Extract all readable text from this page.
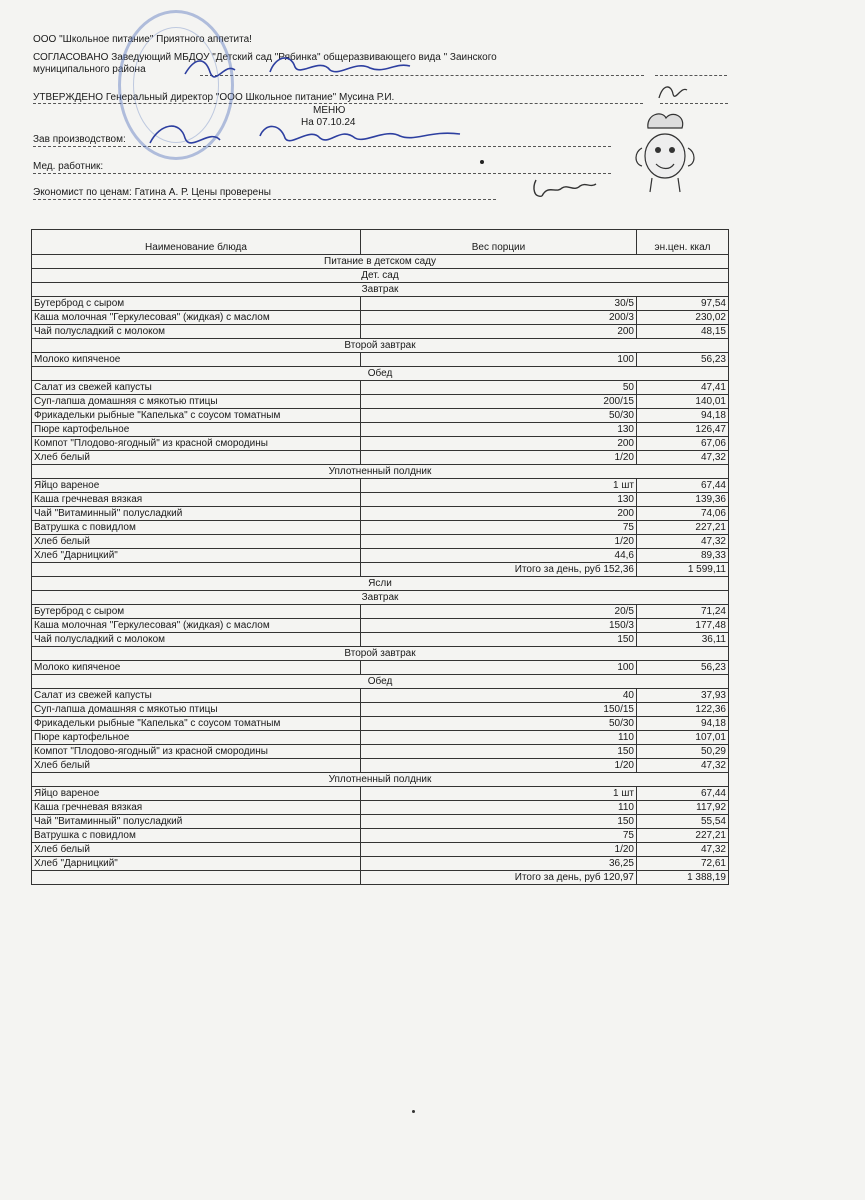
ООО "Школьное питание" Приятного аппетита!
СОГЛАСОВАНО Заведующий МБДОУ "Детский сад "Рябинка" общеразвивающего вида " Заинского
муниципального района
УТВЕРЖДЕНО Генеральный директор "ООО Школьное питание" Мусина Р.И.
МЕНЮ
На 07.10.24
Зав производством:
Мед. работник:
Экономист по ценам: Гатина А. Р. Цены проверены
Наименование блюда	Вес порции	эн.цен. ккал
Питание в детском саду		
Дет. сад		
Завтрак		
Бутерброд с сыром	30/5	97,54
Каша молочная "Геркулесовая" (жидкая) с маслом	200/3	230,02
Чай полусладкий с молоком	200	48,15
Второй завтрак		
Молоко кипяченое	100	56,23
Обед		
Салат из свежей капусты	50	47,41
Суп-лапша домашняя с мякотью птицы	200/15	140,01
Фрикадельки рыбные "Капелька" с соусом томатным	50/30	94,18
Пюре картофельное	130	126,47
Компот "Плодово-ягодный" из красной смородины	200	67,06
Хлеб белый	1/20	47,32
Уплотненный полдник		
Яйцо вареное	1 шт	67,44
Каша гречневая вязкая	130	139,36
Чай "Витаминный" полусладкий	200	74,06
Ватрушка с повидлом	75	227,21
Хлеб белый	1/20	47,32
Хлеб "Дарницкий"	44,6	89,33
	Итого за день, руб 152,36	1 599,11
Ясли		
Завтрак		
Бутерброд с сыром	20/5	71,24
Каша молочная "Геркулесовая" (жидкая) с маслом	150/3	177,48
Чай полусладкий с молоком	150	36,11
Второй завтрак		
Молоко кипяченое	100	56,23
Обед		
Салат из свежей капусты	40	37,93
Суп-лапша домашняя с мякотью птицы	150/15	122,36
Фрикадельки рыбные "Капелька" с соусом томатным	50/30	94,18
Пюре картофельное	110	107,01
Компот "Плодово-ягодный" из красной смородины	150	50,29
Хлеб белый	1/20	47,32
Уплотненный полдник		
Яйцо вареное	1 шт	67,44
Каша гречневая вязкая	110	117,92
Чай "Витаминный" полусладкий	150	55,54
Ватрушка с повидлом	75	227,21
Хлеб белый	1/20	47,32
Хлеб "Дарницкий"	36,25	72,61
	Итого за день, руб 120,97	1 388,19
